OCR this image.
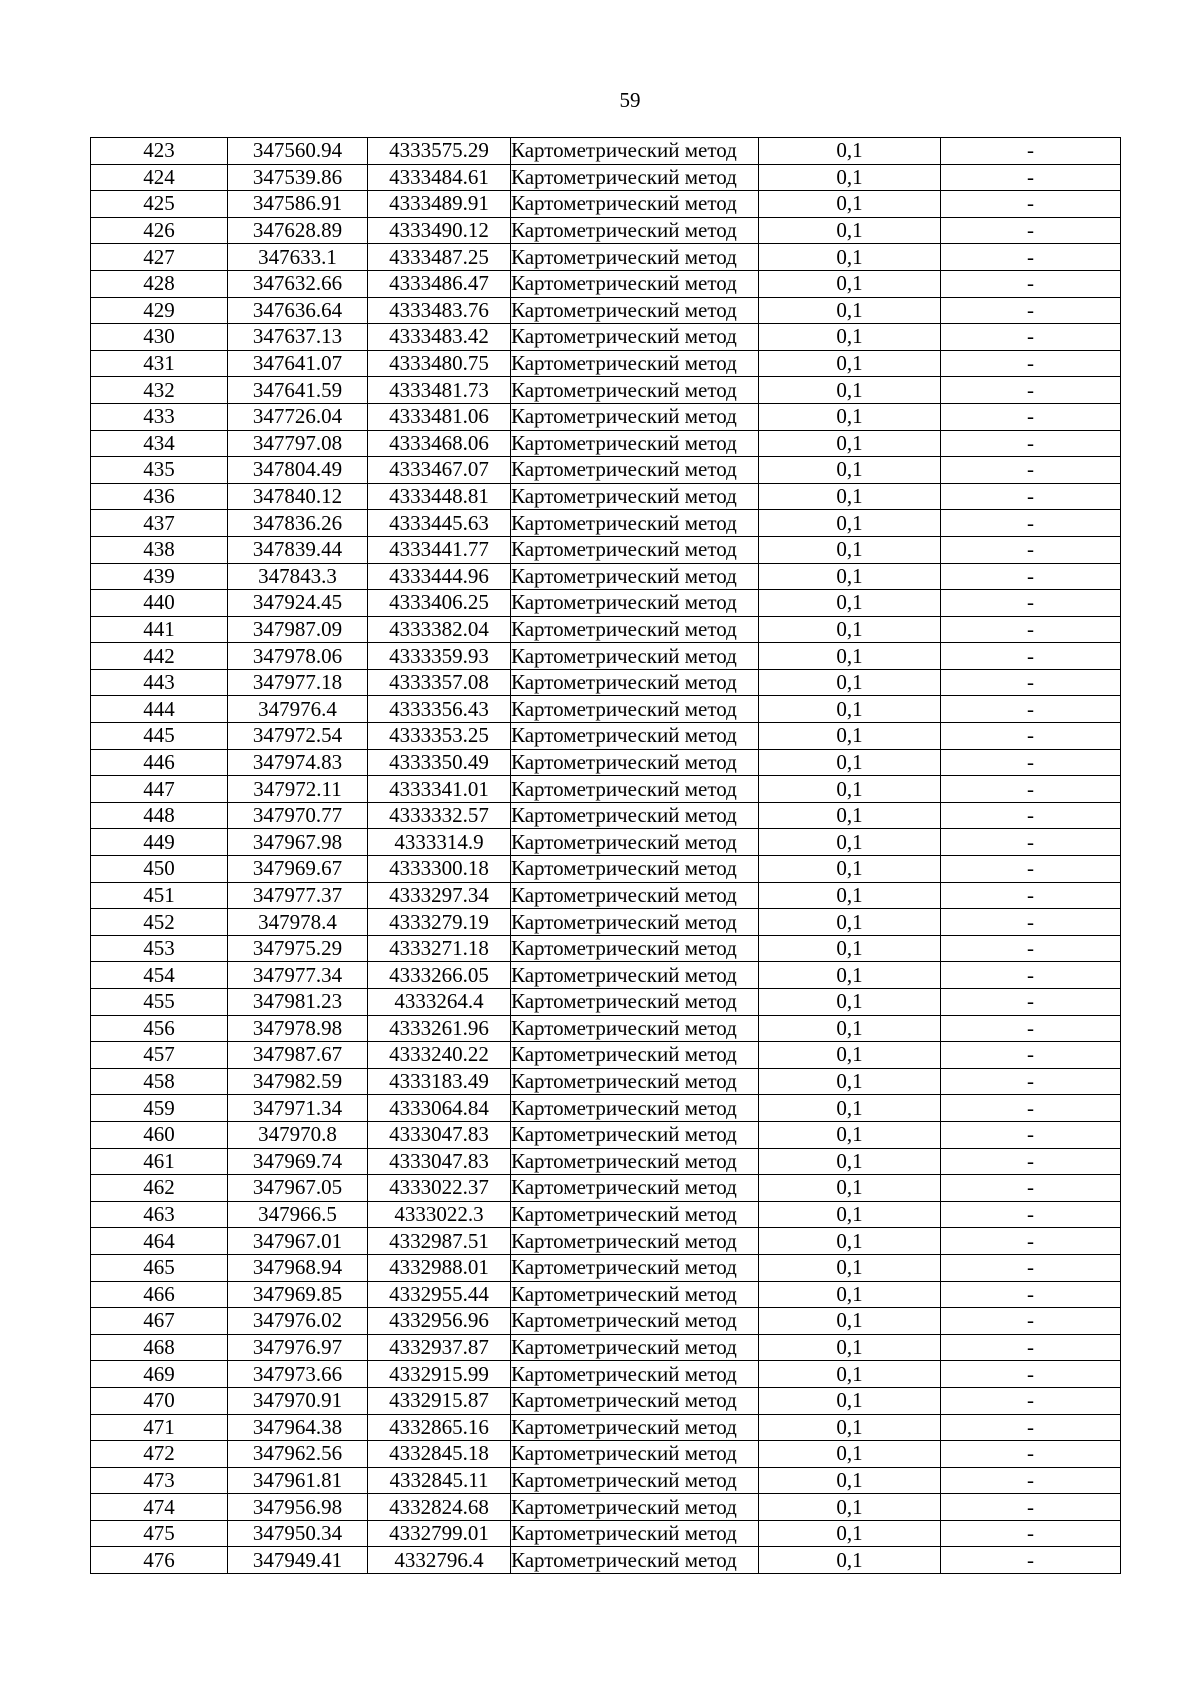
59
423	347560.94	4333575.29	Картометрический метод	0,1	-
424	347539.86	4333484.61	Картометрический метод	0,1	-
425	347586.91	4333489.91	Картометрический метод	0,1	-
426	347628.89	4333490.12	Картометрический метод	0,1	-
427	347633.1	4333487.25	Картометрический метод	0,1	-
428	347632.66	4333486.47	Картометрический метод	0,1	-
429	347636.64	4333483.76	Картометрический метод	0,1	-
430	347637.13	4333483.42	Картометрический метод	0,1	-
431	347641.07	4333480.75	Картометрический метод	0,1	-
432	347641.59	4333481.73	Картометрический метод	0,1	-
433	347726.04	4333481.06	Картометрический метод	0,1	-
434	347797.08	4333468.06	Картометрический метод	0,1	-
435	347804.49	4333467.07	Картометрический метод	0,1	-
436	347840.12	4333448.81	Картометрический метод	0,1	-
437	347836.26	4333445.63	Картометрический метод	0,1	-
438	347839.44	4333441.77	Картометрический метод	0,1	-
439	347843.3	4333444.96	Картометрический метод	0,1	-
440	347924.45	4333406.25	Картометрический метод	0,1	-
441	347987.09	4333382.04	Картометрический метод	0,1	-
442	347978.06	4333359.93	Картометрический метод	0,1	-
443	347977.18	4333357.08	Картометрический метод	0,1	-
444	347976.4	4333356.43	Картометрический метод	0,1	-
445	347972.54	4333353.25	Картометрический метод	0,1	-
446	347974.83	4333350.49	Картометрический метод	0,1	-
447	347972.11	4333341.01	Картометрический метод	0,1	-
448	347970.77	4333332.57	Картометрический метод	0,1	-
449	347967.98	4333314.9	Картометрический метод	0,1	-
450	347969.67	4333300.18	Картометрический метод	0,1	-
451	347977.37	4333297.34	Картометрический метод	0,1	-
452	347978.4	4333279.19	Картометрический метод	0,1	-
453	347975.29	4333271.18	Картометрический метод	0,1	-
454	347977.34	4333266.05	Картометрический метод	0,1	-
455	347981.23	4333264.4	Картометрический метод	0,1	-
456	347978.98	4333261.96	Картометрический метод	0,1	-
457	347987.67	4333240.22	Картометрический метод	0,1	-
458	347982.59	4333183.49	Картометрический метод	0,1	-
459	347971.34	4333064.84	Картометрический метод	0,1	-
460	347970.8	4333047.83	Картометрический метод	0,1	-
461	347969.74	4333047.83	Картометрический метод	0,1	-
462	347967.05	4333022.37	Картометрический метод	0,1	-
463	347966.5	4333022.3	Картометрический метод	0,1	-
464	347967.01	4332987.51	Картометрический метод	0,1	-
465	347968.94	4332988.01	Картометрический метод	0,1	-
466	347969.85	4332955.44	Картометрический метод	0,1	-
467	347976.02	4332956.96	Картометрический метод	0,1	-
468	347976.97	4332937.87	Картометрический метод	0,1	-
469	347973.66	4332915.99	Картометрический метод	0,1	-
470	347970.91	4332915.87	Картометрический метод	0,1	-
471	347964.38	4332865.16	Картометрический метод	0,1	-
472	347962.56	4332845.18	Картометрический метод	0,1	-
473	347961.81	4332845.11	Картометрический метод	0,1	-
474	347956.98	4332824.68	Картометрический метод	0,1	-
475	347950.34	4332799.01	Картометрический метод	0,1	-
476	347949.41	4332796.4	Картометрический метод	0,1	-
